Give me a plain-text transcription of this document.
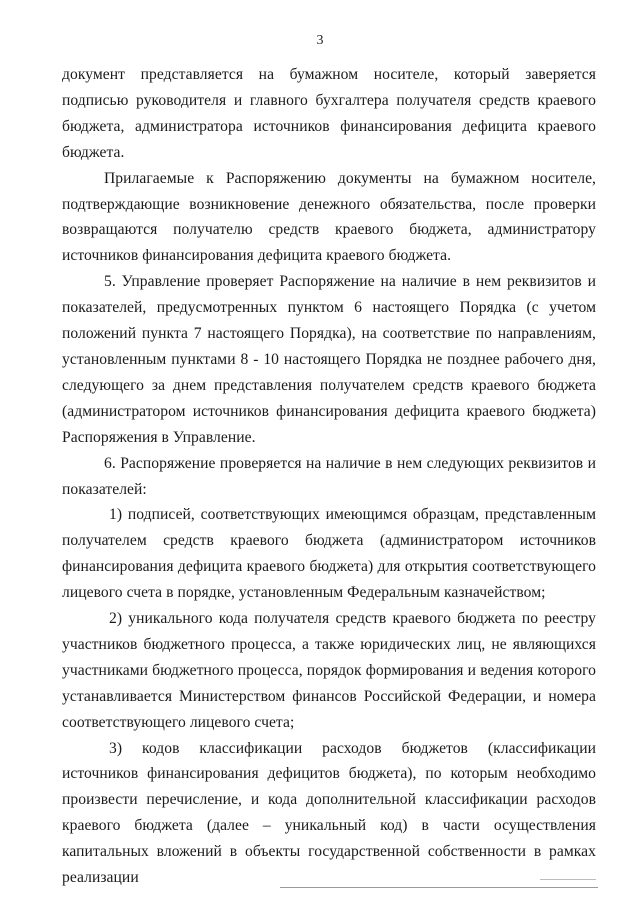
3

документ представляется на бумажном носителе, который заверяется подписью руководителя и главного бухгалтера получателя средств краевого бюджета, администратора источников финансирования дефицита краевого бюджета.

Прилагаемые к Распоряжению документы на бумажном носителе, подтверждающие возникновение денежного обязательства, после проверки возвращаются получателю средств краевого бюджета, администратору источников финансирования дефицита краевого бюджета.

5. Управление проверяет Распоряжение на наличие в нем реквизитов и показателей, предусмотренных пунктом 6 настоящего Порядка (с учетом положений пункта 7 настоящего Порядка), на соответствие по направлениям, установленным пунктами 8 - 10 настоящего Порядка не позднее рабочего дня, следующего за днем представления получателем средств краевого бюджета (администратором источников финансирования дефицита краевого бюджета) Распоряжения в Управление.

6. Распоряжение проверяется на наличие в нем следующих реквизитов и показателей:

1) подписей, соответствующих имеющимся образцам, представленным получателем средств краевого бюджета (администратором источников финансирования дефицита краевого бюджета) для открытия соответствующего лицевого счета в порядке, установленным Федеральным казначейством;

2) уникального кода получателя средств краевого бюджета по реестру участников бюджетного процесса, а также юридических лиц, не являющихся участниками бюджетного процесса, порядок формирования и ведения которого устанавливается Министерством финансов Российской Федерации, и номера соответствующего лицевого счета;

3) кодов классификации расходов бюджетов (классификации источников финансирования дефицитов бюджета), по которым необходимо произвести перечисление, и кода дополнительной классификации расходов краевого бюджета (далее – уникальный код) в части осуществления капитальных вложений в объекты государственной собственности в рамках реализации
